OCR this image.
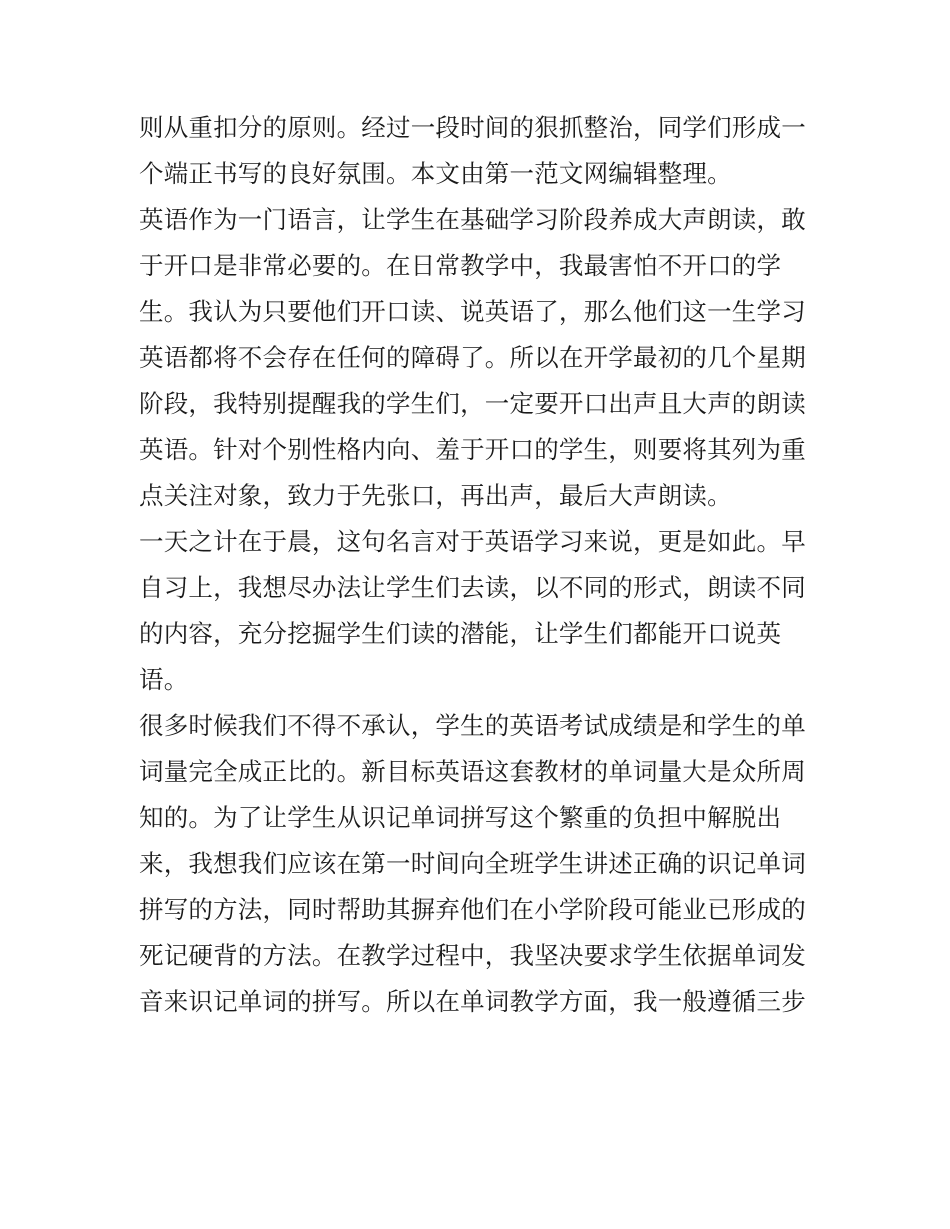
则从重扣分的原则。经过一段时间的狠抓整治，同学们形成一
个端正书写的良好氛围。本文由第一范文网编辑整理。
英语作为一门语言，让学生在基础学习阶段养成大声朗读，敢
于开口是非常必要的。在日常教学中，我最害怕不开口的学
生。我认为只要他们开口读、说英语了，那么他们这一生学习
英语都将不会存在任何的障碍了。所以在开学最初的几个星期
阶段，我特别提醒我的学生们，一定要开口出声且大声的朗读
英语。针对个别性格内向、羞于开口的学生，则要将其列为重
点关注对象，致力于先张口，再出声，最后大声朗读。
一天之计在于晨，这句名言对于英语学习来说，更是如此。早
自习上，我想尽办法让学生们去读，以不同的形式，朗读不同
的内容，充分挖掘学生们读的潜能，让学生们都能开口说英
语。
很多时候我们不得不承认，学生的英语考试成绩是和学生的单
词量完全成正比的。新目标英语这套教材的单词量大是众所周
知的。为了让学生从识记单词拼写这个繁重的负担中解脱出
来，我想我们应该在第一时间向全班学生讲述正确的识记单词
拼写的方法，同时帮助其摒弃他们在小学阶段可能业已形成的
死记硬背的方法。在教学过程中，我坚决要求学生依据单词发
音来识记单词的拼写。所以在单词教学方面，我一般遵循三步
